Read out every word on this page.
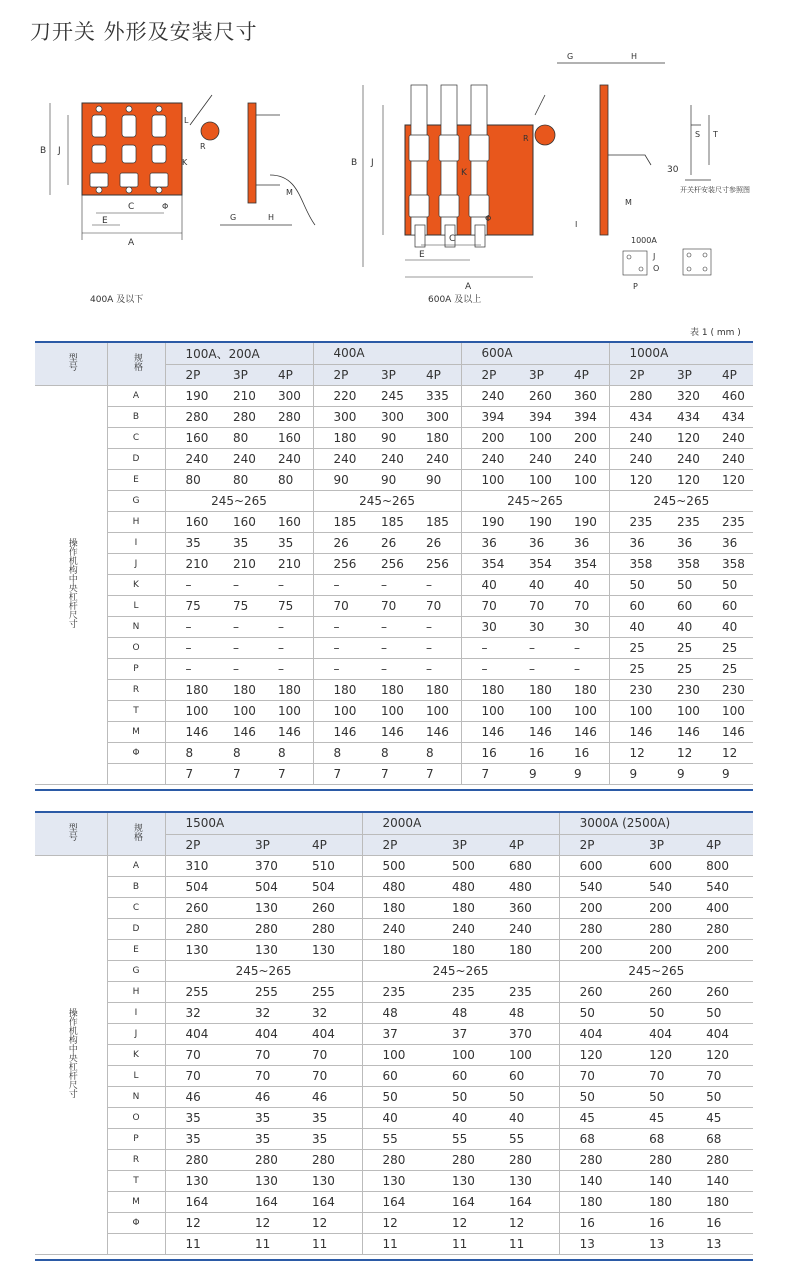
刀开关 外形及安装尺寸
B J
A
C
E
Φ
L
R
K
G	H
M
400A 及以下
B J
A
C
E
K
Φ
R
G	H
M
I
T
S
30
1000A
P
O
J
600A 及以上
开关杆安装尺寸参照图
表 1 ( mm )
型号	规格	100A、200A			400A			600A			1000A		
		2P	3P	4P	2P	3P	4P	2P	3P	4P	2P	3P	4P
操作机构中央杠杆尺寸	A	190	210	300	220	245	335	240	260	360	280	320	460
	B	280	280	280	300	300	300	394	394	394	434	434	434
	C	160	80	160	180	90	180	200	100	200	240	120	240
	D	240	240	240	240	240	240	240	240	240	240	240	240
	E	80	80	80	90	90	90	100	100	100	120	120	120
	G	245~265			245~265			245~265			245~265		
	H	160	160	160	185	185	185	190	190	190	235	235	235
	I	35	35	35	26	26	26	36	36	36	36	36	36
	J	210	210	210	256	256	256	354	354	354	358	358	358
	K	–	–	–	–	–	–	40	40	40	50	50	50
	L	75	75	75	70	70	70	70	70	70	60	60	60
	N	–	–	–	–	–	–	30	30	30	40	40	40
	O	–	–	–	–	–	–	–	–	–	25	25	25
	P	–	–	–	–	–	–	–	–	–	25	25	25
	R	180	180	180	180	180	180	180	180	180	230	230	230
	T	100	100	100	100	100	100	100	100	100	100	100	100
	M	146	146	146	146	146	146	146	146	146	146	146	146
	Φ	8	8	8	8	8	8	16	16	16	12	12	12
		7	7	7	7	7	7	7	9	9	9	9	9
型号	规格	1500A			2000A			3000A (2500A)		
		2P	3P	4P	2P	3P	4P	2P	3P	4P
操作机构中央杠杆尺寸	A	310	370	510	500	500	680	600	600	800
	B	504	504	504	480	480	480	540	540	540
	C	260	130	260	180	180	360	200	200	400
	D	280	280	280	240	240	240	280	280	280
	E	130	130	130	180	180	180	200	200	200
	G	245~265			245~265			245~265		
	H	255	255	255	235	235	235	260	260	260
	I	32	32	32	48	48	48	50	50	50
	J	404	404	404	37	37	370	404	404	404
	K	70	70	70	100	100	100	120	120	120
	L	70	70	70	60	60	60	70	70	70
	N	46	46	46	50	50	50	50	50	50
	O	35	35	35	40	40	40	45	45	45
	P	35	35	35	55	55	55	68	68	68
	R	280	280	280	280	280	280	280	280	280
	T	130	130	130	130	130	130	140	140	140
	M	164	164	164	164	164	164	180	180	180
	Φ	12	12	12	12	12	12	16	16	16
		11	11	11	11	11	11	13	13	13
